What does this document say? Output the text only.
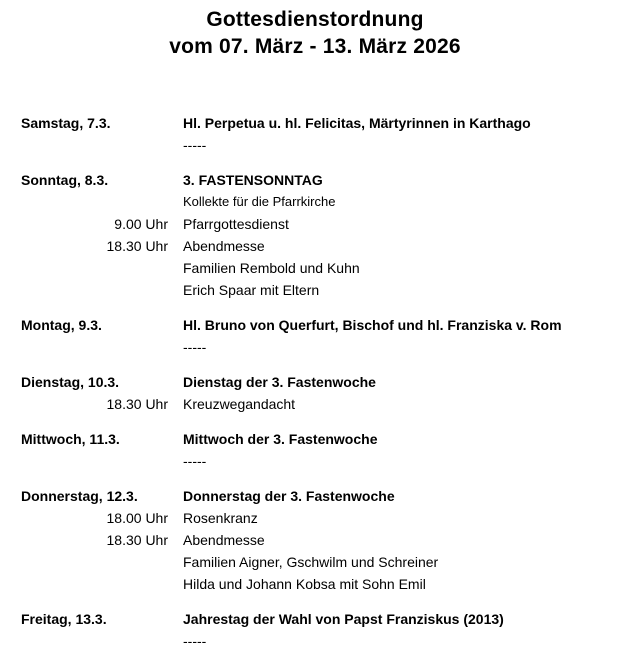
Gottesdienstordnung
vom 07. März - 13. März 2026
Samstag, 7.3.	Hl. Perpetua u. hl. Felicitas, Märtyrinnen in Karthago
-----
Sonntag, 8.3.	3. FASTENSONNTAG
Kollekte für die Pfarrkirche
9.00 Uhr Pfarrgottesdienst
18.30 Uhr Abendmesse
Familien Rembold und Kuhn
Erich Spaar mit Eltern
Montag, 9.3.	Hl. Bruno von Querfurt, Bischof und hl. Franziska v. Rom
-----
Dienstag, 10.3.	Dienstag der 3. Fastenwoche
18.30 Uhr Kreuzwegandacht
Mittwoch, 11.3.	Mittwoch der 3. Fastenwoche
-----
Donnerstag, 12.3.	Donnerstag der 3. Fastenwoche
18.00 Uhr Rosenkranz
18.30 Uhr Abendmesse
Familien Aigner, Gschwilm und Schreiner
Hilda und Johann Kobsa mit Sohn Emil
Freitag, 13.3.	Jahrestag der Wahl von Papst Franziskus (2013)
-----
